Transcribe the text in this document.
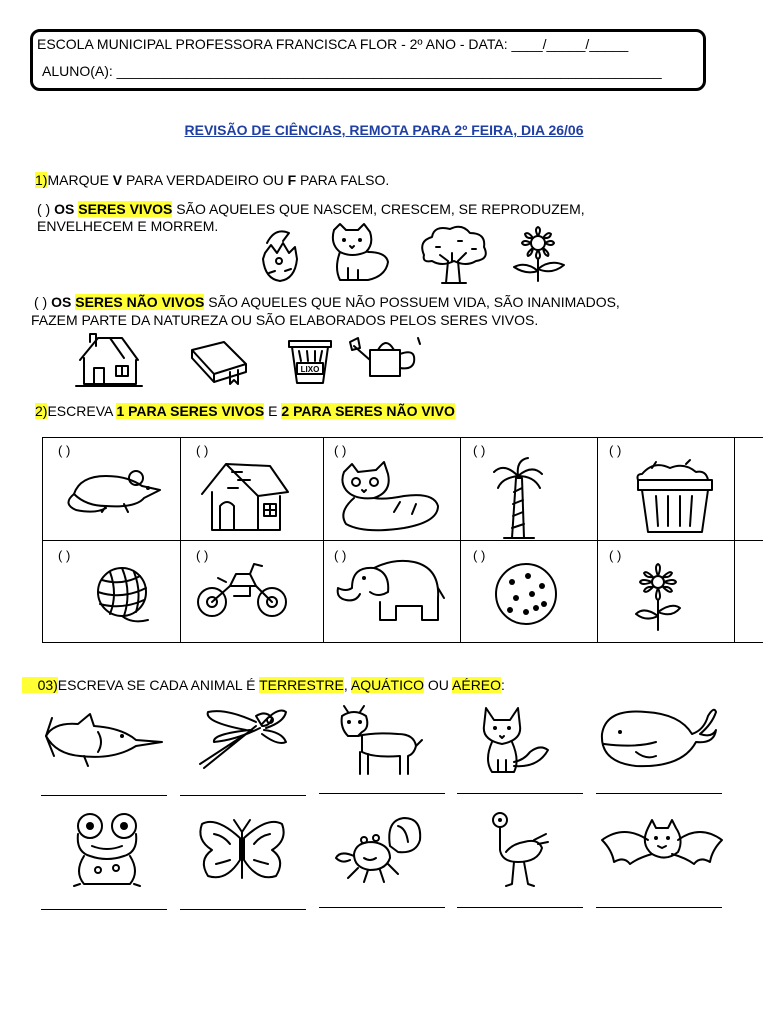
ESCOLA MUNICIPAL PROFESSORA FRANCISCA FLOR - 2º ANO - DATA: ____/_____/_____
ALUNO(A): ______________________________________________________________________
REVISÃO DE CIÊNCIAS, REMOTA PARA 2º FEIRA, DIA 26/06
1)MARQUE V PARA VERDADEIRO OU F PARA FALSO.
( ) OS SERES VIVOS SÃO AQUELES QUE NASCEM, CRESCEM, SE REPRODUZEM,
ENVELHECEM E MORREM.
( ) OS SERES NÃO VIVOS SÃO AQUELES QUE NÃO POSSUEM VIDA, SÃO INANIMADOS,
FAZEM PARTE DA NATUREZA OU SÃO ELABORADOS PELOS SERES VIVOS.
LIXO
2)ESCREVA 1 PARA SERES VIVOS E 2 PARA SERES NÃO VIVO
( )	( )	( )	( )	( )
( )	( )	( )	( )	( )
03)ESCREVA SE CADA ANIMAL É TERRESTRE, AQUÁTICO OU AÉREO:
